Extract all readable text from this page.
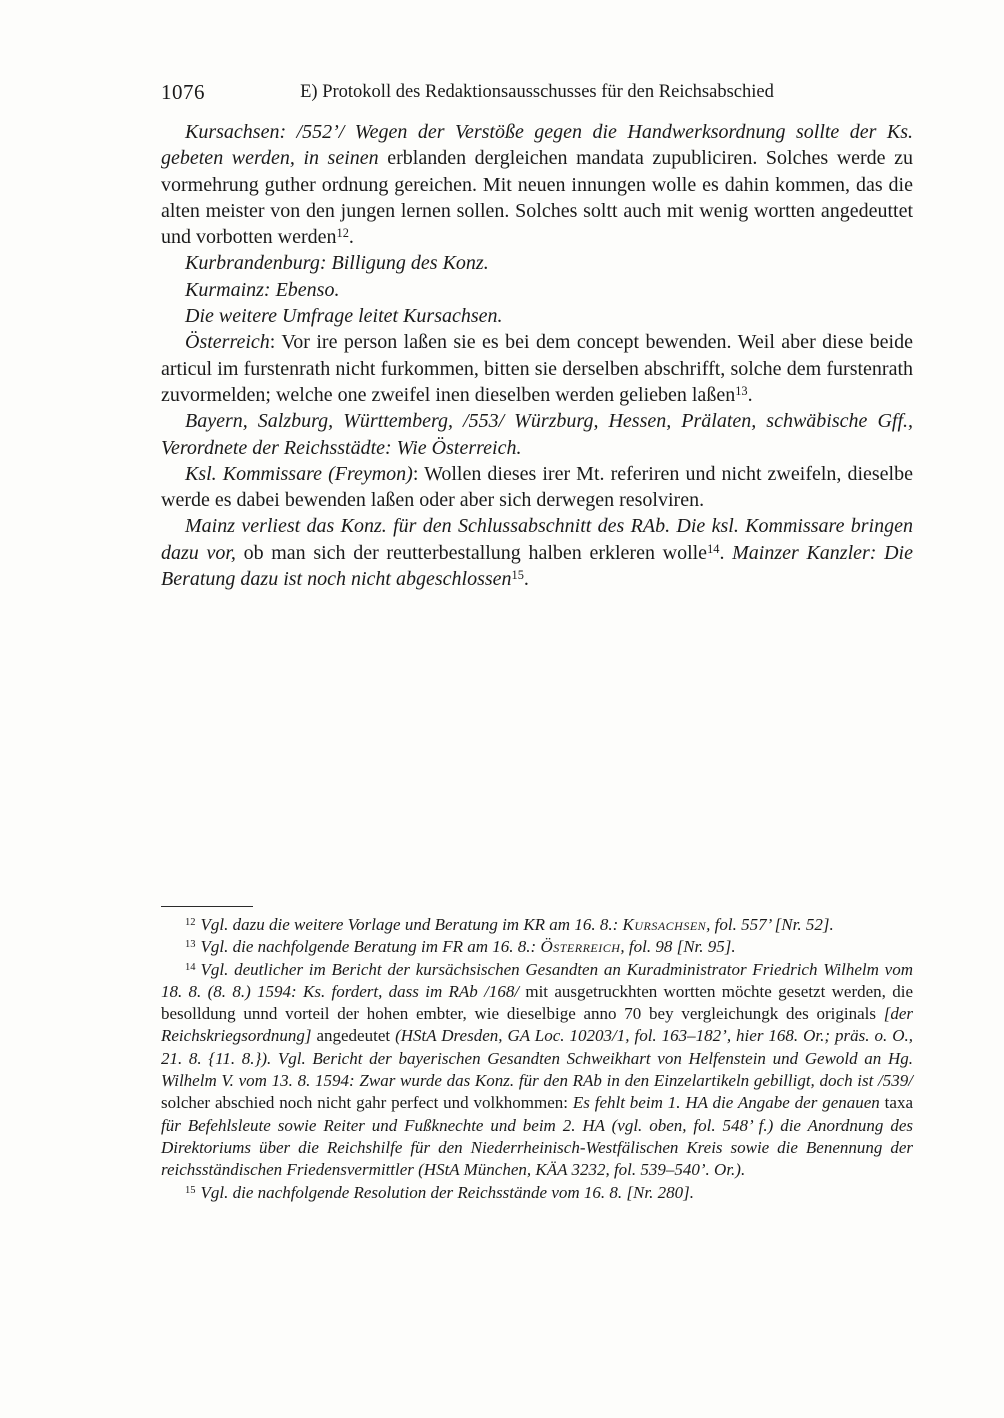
1076	E) Protokoll des Redaktionsausschusses für den Reichsabschied

Kursachsen: /552’/ Wegen der Verstöße gegen die Handwerksordnung sollte der Ks. gebeten werden, in seinen erblanden dergleichen mandata zupubliciren. Solches werde zu vormehrung guther ordnung gereichen. Mit neuen innungen wolle es dahin kommen, das die alten meister von den jungen lernen sollen. Solches soltt auch mit wenig wortten angedeuttet und vorbotten werden$^{12}$.

Kurbrandenburg: Billigung des Konz.

Kurmainz: Ebenso.

Die weitere Umfrage leitet Kursachsen.

Österreich: Vor ire person laßen sie es bei dem concept bewenden. Weil aber diese beide articul im furstenrath nicht furkommen, bitten sie derselben abschrifft, solche dem furstenrath zuvormelden; welche one zweifel inen dieselben werden gelieben laßen$^{13}$.

Bayern, Salzburg, Württemberg, /553/ Würzburg, Hessen, Prälaten, schwäbische Gff., Verordnete der Reichsstädte: Wie Österreich.

Ksl. Kommissare (Freymon): Wollen dieses irer Mt. referiren und nicht zweifeln, dieselbe werde es dabei bewenden laßen oder aber sich derwegen resolviren.

Mainz verliest das Konz. für den Schlussabschnitt des RAb. Die ksl. Kommissare bringen dazu vor, ob man sich der reutterbestallung halben erkleren wolle$^{14}$. Mainzer Kanzler: Die Beratung dazu ist noch nicht abgeschlossen$^{15}$.

$^{12}$ Vgl. dazu die weitere Vorlage und Beratung im KR am 16. 8.: Kursachsen, fol. 557’ [Nr. 52].

$^{13}$ Vgl. die nachfolgende Beratung im FR am 16. 8.: Österreich, fol. 98 [Nr. 95].

$^{14}$ Vgl. deutlicher im Bericht der kursächsischen Gesandten an Kuradministrator Friedrich Wilhelm vom 18. 8. (8. 8.) 1594: Ks. fordert, dass im RAb /168/ mit ausgetruckhten wortten möchte gesetzt werden, die besolldung unnd vorteil der hohen embter, wie dieselbige anno 70 bey vergleichungk des originals [der Reichskriegsordnung] angedeutet (HStA Dresden, GA Loc. 10203/1, fol. 163–182’, hier 168. Or.; präs. o. O., 21. 8. {11. 8.}). Vgl. Bericht der bayerischen Gesandten Schweikhart von Helfenstein und Gewold an Hg. Wilhelm V. vom 13. 8. 1594: Zwar wurde das Konz. für den RAb in den Einzelartikeln gebilligt, doch ist /539/ solcher abschied noch nicht gahr perfect und volkhommen: Es fehlt beim 1. HA die Angabe der genauen taxa für Befehlsleute sowie Reiter und Fußknechte und beim 2. HA (vgl. oben, fol. 548’ f.) die Anordnung des Direktoriums über die Reichshilfe für den Niederrheinisch-Westfälischen Kreis sowie die Benennung der reichsständischen Friedensvermittler (HStA München, KÄA 3232, fol. 539–540’. Or.).

$^{15}$ Vgl. die nachfolgende Resolution der Reichsstände vom 16. 8. [Nr. 280].
